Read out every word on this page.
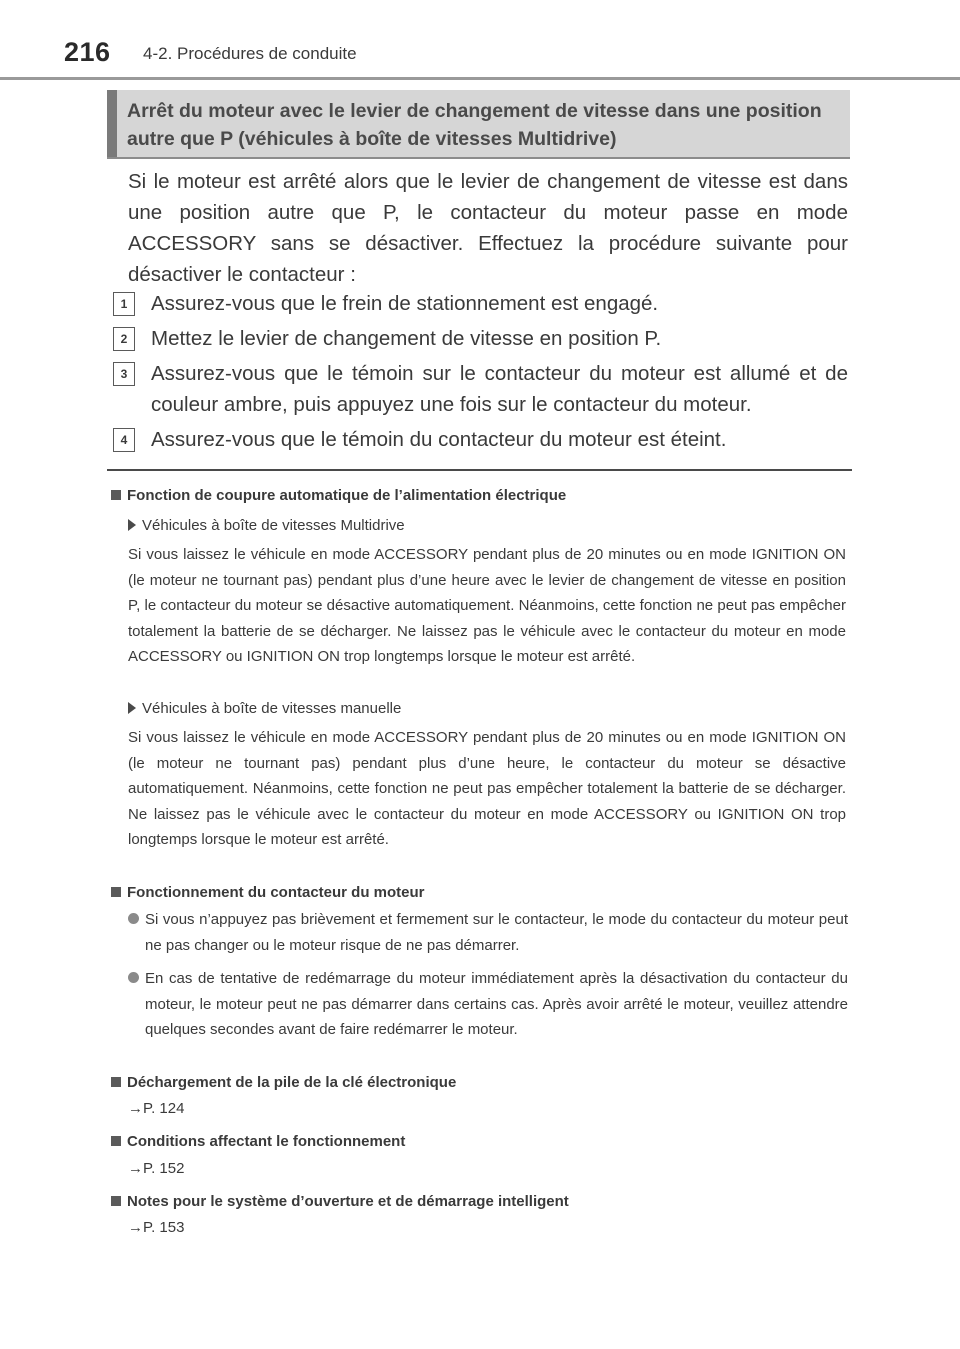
216 4-2. Procédures de conduite
Arrêt du moteur avec le levier de changement de vitesse dans une position autre que P (véhicules à boîte de vitesses Multidrive)
Si le moteur est arrêté alors que le levier de changement de vitesse est dans une position autre que P, le contacteur du moteur passe en mode ACCESSORY sans se désactiver. Effectuez la procédure suivante pour désactiver le contacteur :
1	Assurez-vous que le frein de stationnement est engagé.
2	Mettez le levier de changement de vitesse en position P.
3	Assurez-vous que le témoin sur le contacteur du moteur est allumé et de couleur ambre, puis appuyez une fois sur le contacteur du moteur.
4	Assurez-vous que le témoin du contacteur du moteur est éteint.
Fonction de coupure automatique de l’alimentation électrique
Véhicules à boîte de vitesses Multidrive
Si vous laissez le véhicule en mode ACCESSORY pendant plus de 20 minutes ou en mode IGNITION ON (le moteur ne tournant pas) pendant plus d’une heure avec le levier de changement de vitesse en position P, le contacteur du moteur se désactive automatiquement. Néanmoins, cette fonction ne peut pas empêcher totalement la batterie de se décharger. Ne laissez pas le véhicule avec le contacteur du moteur en mode ACCESSORY ou IGNITION ON trop longtemps lorsque le moteur est arrêté.
Véhicules à boîte de vitesses manuelle
Si vous laissez le véhicule en mode ACCESSORY pendant plus de 20 minutes ou en mode IGNITION ON (le moteur ne tournant pas) pendant plus d’une heure, le contacteur du moteur se désactive automatiquement. Néanmoins, cette fonction ne peut pas empêcher totalement la batterie de se décharger. Ne laissez pas le véhicule avec le contacteur du moteur en mode ACCESSORY ou IGNITION ON trop longtemps lorsque le moteur est arrêté.
Fonctionnement du contacteur du moteur
Si vous n’appuyez pas brièvement et fermement sur le contacteur, le mode du contacteur du moteur peut ne pas changer ou le moteur risque de ne pas démarrer.
En cas de tentative de redémarrage du moteur immédiatement après la désactivation du contacteur du moteur, le moteur peut ne pas démarrer dans certains cas. Après avoir arrêté le moteur, veuillez attendre quelques secondes avant de faire redémarrer le moteur.
Déchargement de la pile de la clé électronique
→P. 124
Conditions affectant le fonctionnement
→P. 152
Notes pour le système d’ouverture et de démarrage intelligent
→P. 153
